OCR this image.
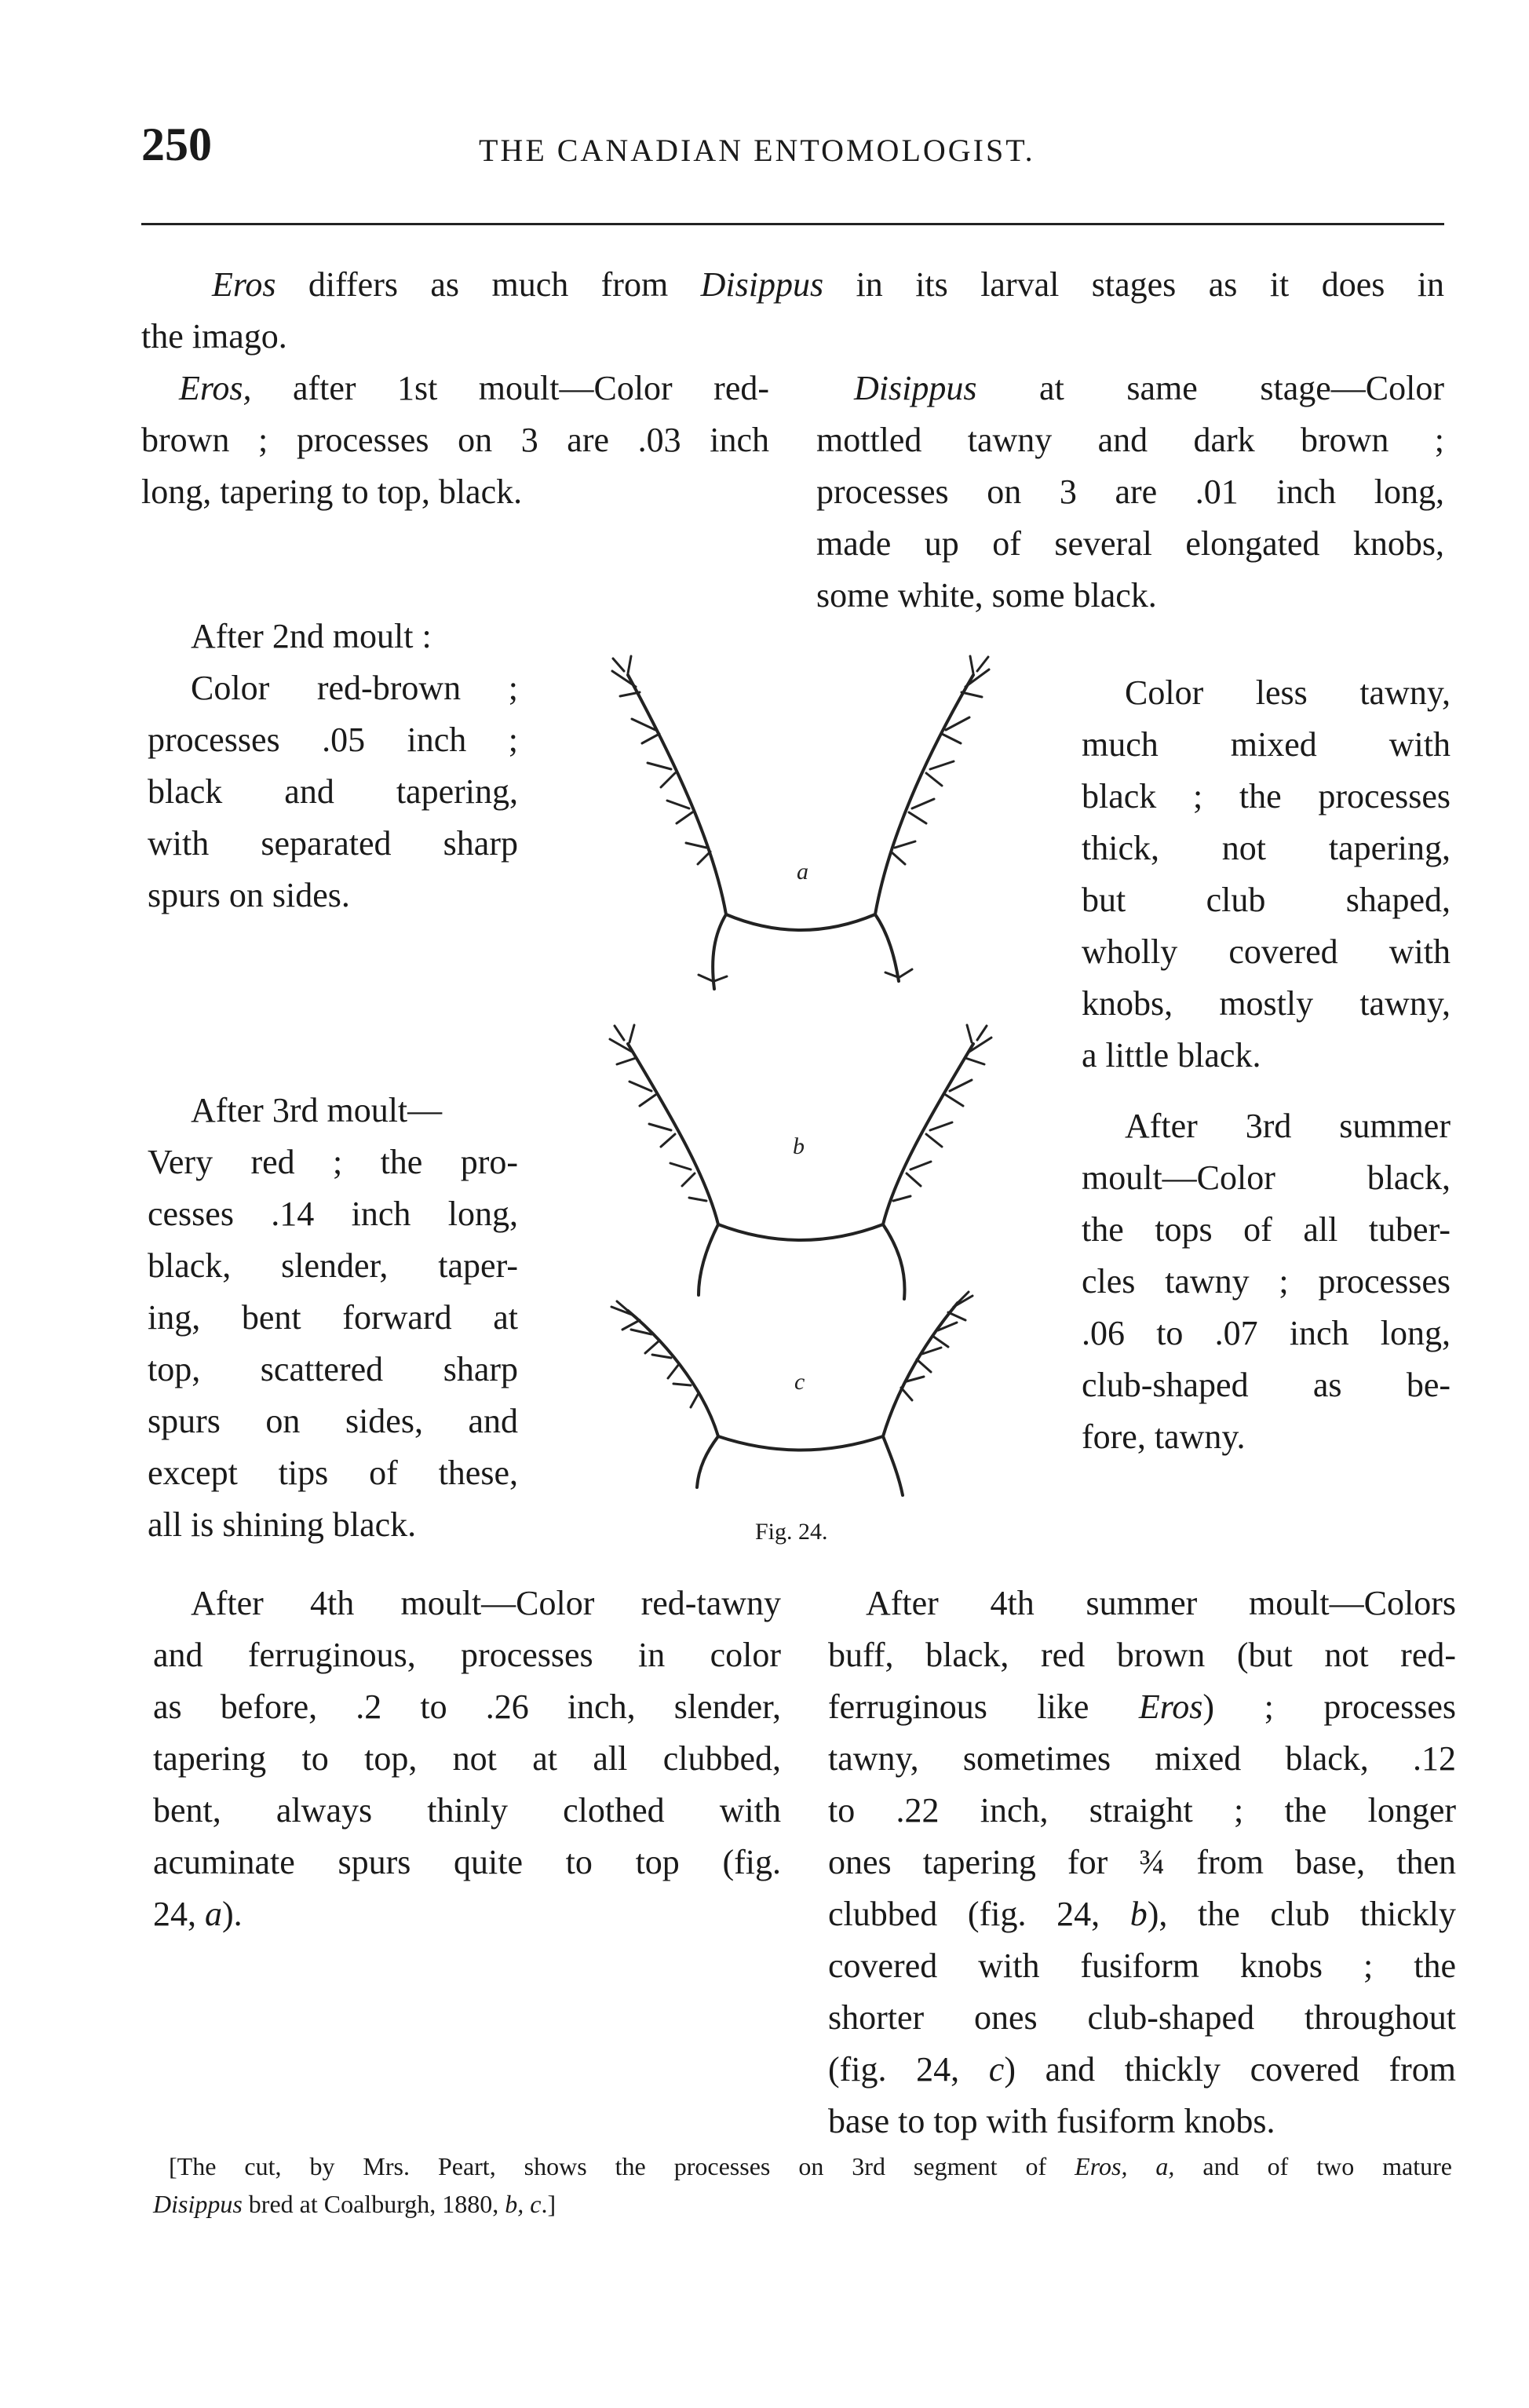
250	THE CANADIAN ENTOMOLOGIST.
Eros differs as much from Disippus in its larval stages as it does in
the imago.
Eros, after 1st moult—Color red-
brown ; processes on 3 are .03 inch
long, tapering to top, black.
Disippus at same stage—Color
mottled tawny and dark brown ;
processes on 3 are .01 inch long,
made up of several elongated knobs,
some white, some black.
After 2nd moult :
Color red-brown ;
processes .05 inch ;
black and tapering,
with separated sharp
spurs on sides.
Color less tawny,
much mixed with
black ; the processes
thick, not tapering,
but club shaped,
wholly covered with
knobs, mostly tawny,
a little black.
After 3rd moult—
Very red ; the pro-
cesses .14 inch long,
black, slender, taper-
ing, bent forward at
top, scattered sharp
spurs on sides, and
except tips of these,
all is shining black.
After 3rd summer
moult—Color black,
the tops of all tuber-
cles tawny ; processes
.06 to .07 inch long,
club-shaped as be-
fore, tawny.
a
b
c
Fig. 24.
After 4th moult—Color red-tawny
and ferruginous, processes in color
as before, .2 to .26 inch, slender,
tapering to top, not at all clubbed,
bent, always thinly clothed with
acuminate spurs quite to top (fig.
24, a).
After 4th summer moult—Colors
buff, black, red brown (but not red-
ferruginous like Eros) ; processes
tawny, sometimes mixed black, .12
to .22 inch, straight ; the longer
ones tapering for ¾ from base, then
clubbed (fig. 24, b), the club thickly
covered with fusiform knobs ; the
shorter ones club-shaped throughout
(fig. 24, c) and thickly covered from
base to top with fusiform knobs.
[The cut, by Mrs. Peart, shows the processes on 3rd segment of Eros, a, and of two mature
Disippus bred at Coalburgh, 1880, b, c.]
